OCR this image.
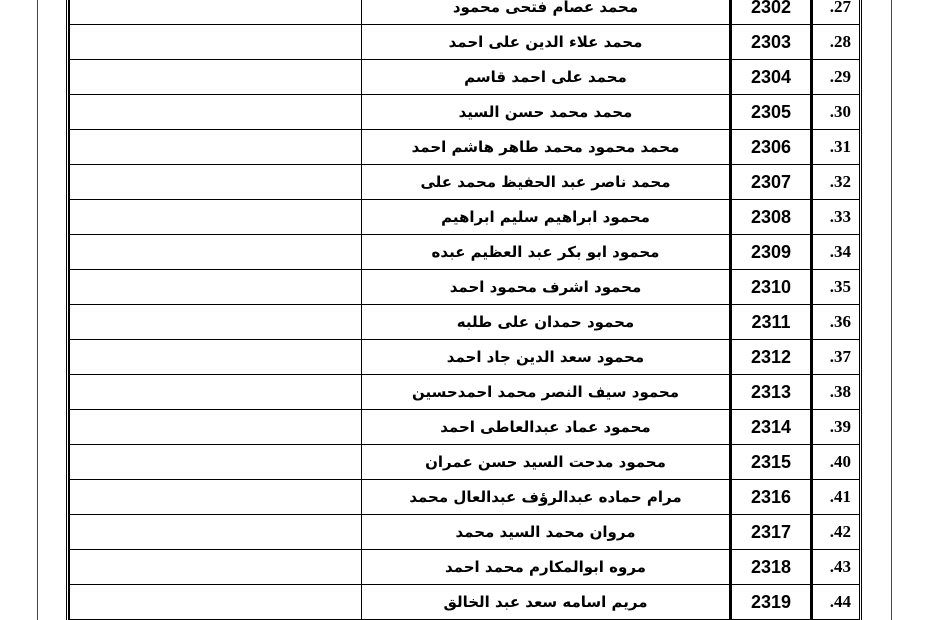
	محمد عصام فتحى محمود	2302	.27
	محمد علاء الدين على احمد	2303	.28
	محمد على احمد قاسم	2304	.29
	محمد محمد حسن السيد	2305	.30
	محمد محمود محمد طاهر هاشم احمد	2306	.31
	محمد ناصر عبد الحفيظ محمد على	2307	.32
	محمود ابراهيم سليم ابراهيم	2308	.33
	محمود ابو بكر عبد العظيم عبده	2309	.34
	محمود اشرف محمود احمد	2310	.35
	محمود حمدان على طلبه	2311	.36
	محمود سعد الدين جاد احمد	2312	.37
	محمود سيف النصر محمد احمدحسين	2313	.38
	محمود عماد عبدالعاطى احمد	2314	.39
	محمود مدحت السيد حسن عمران	2315	.40
	مرام حماده عبدالرؤف عبدالعال محمد	2316	.41
	مروان محمد السيد محمد	2317	.42
	مروه ابوالمكارم محمد احمد	2318	.43
	مريم اسامه سعد عبد الخالق	2319	.44
